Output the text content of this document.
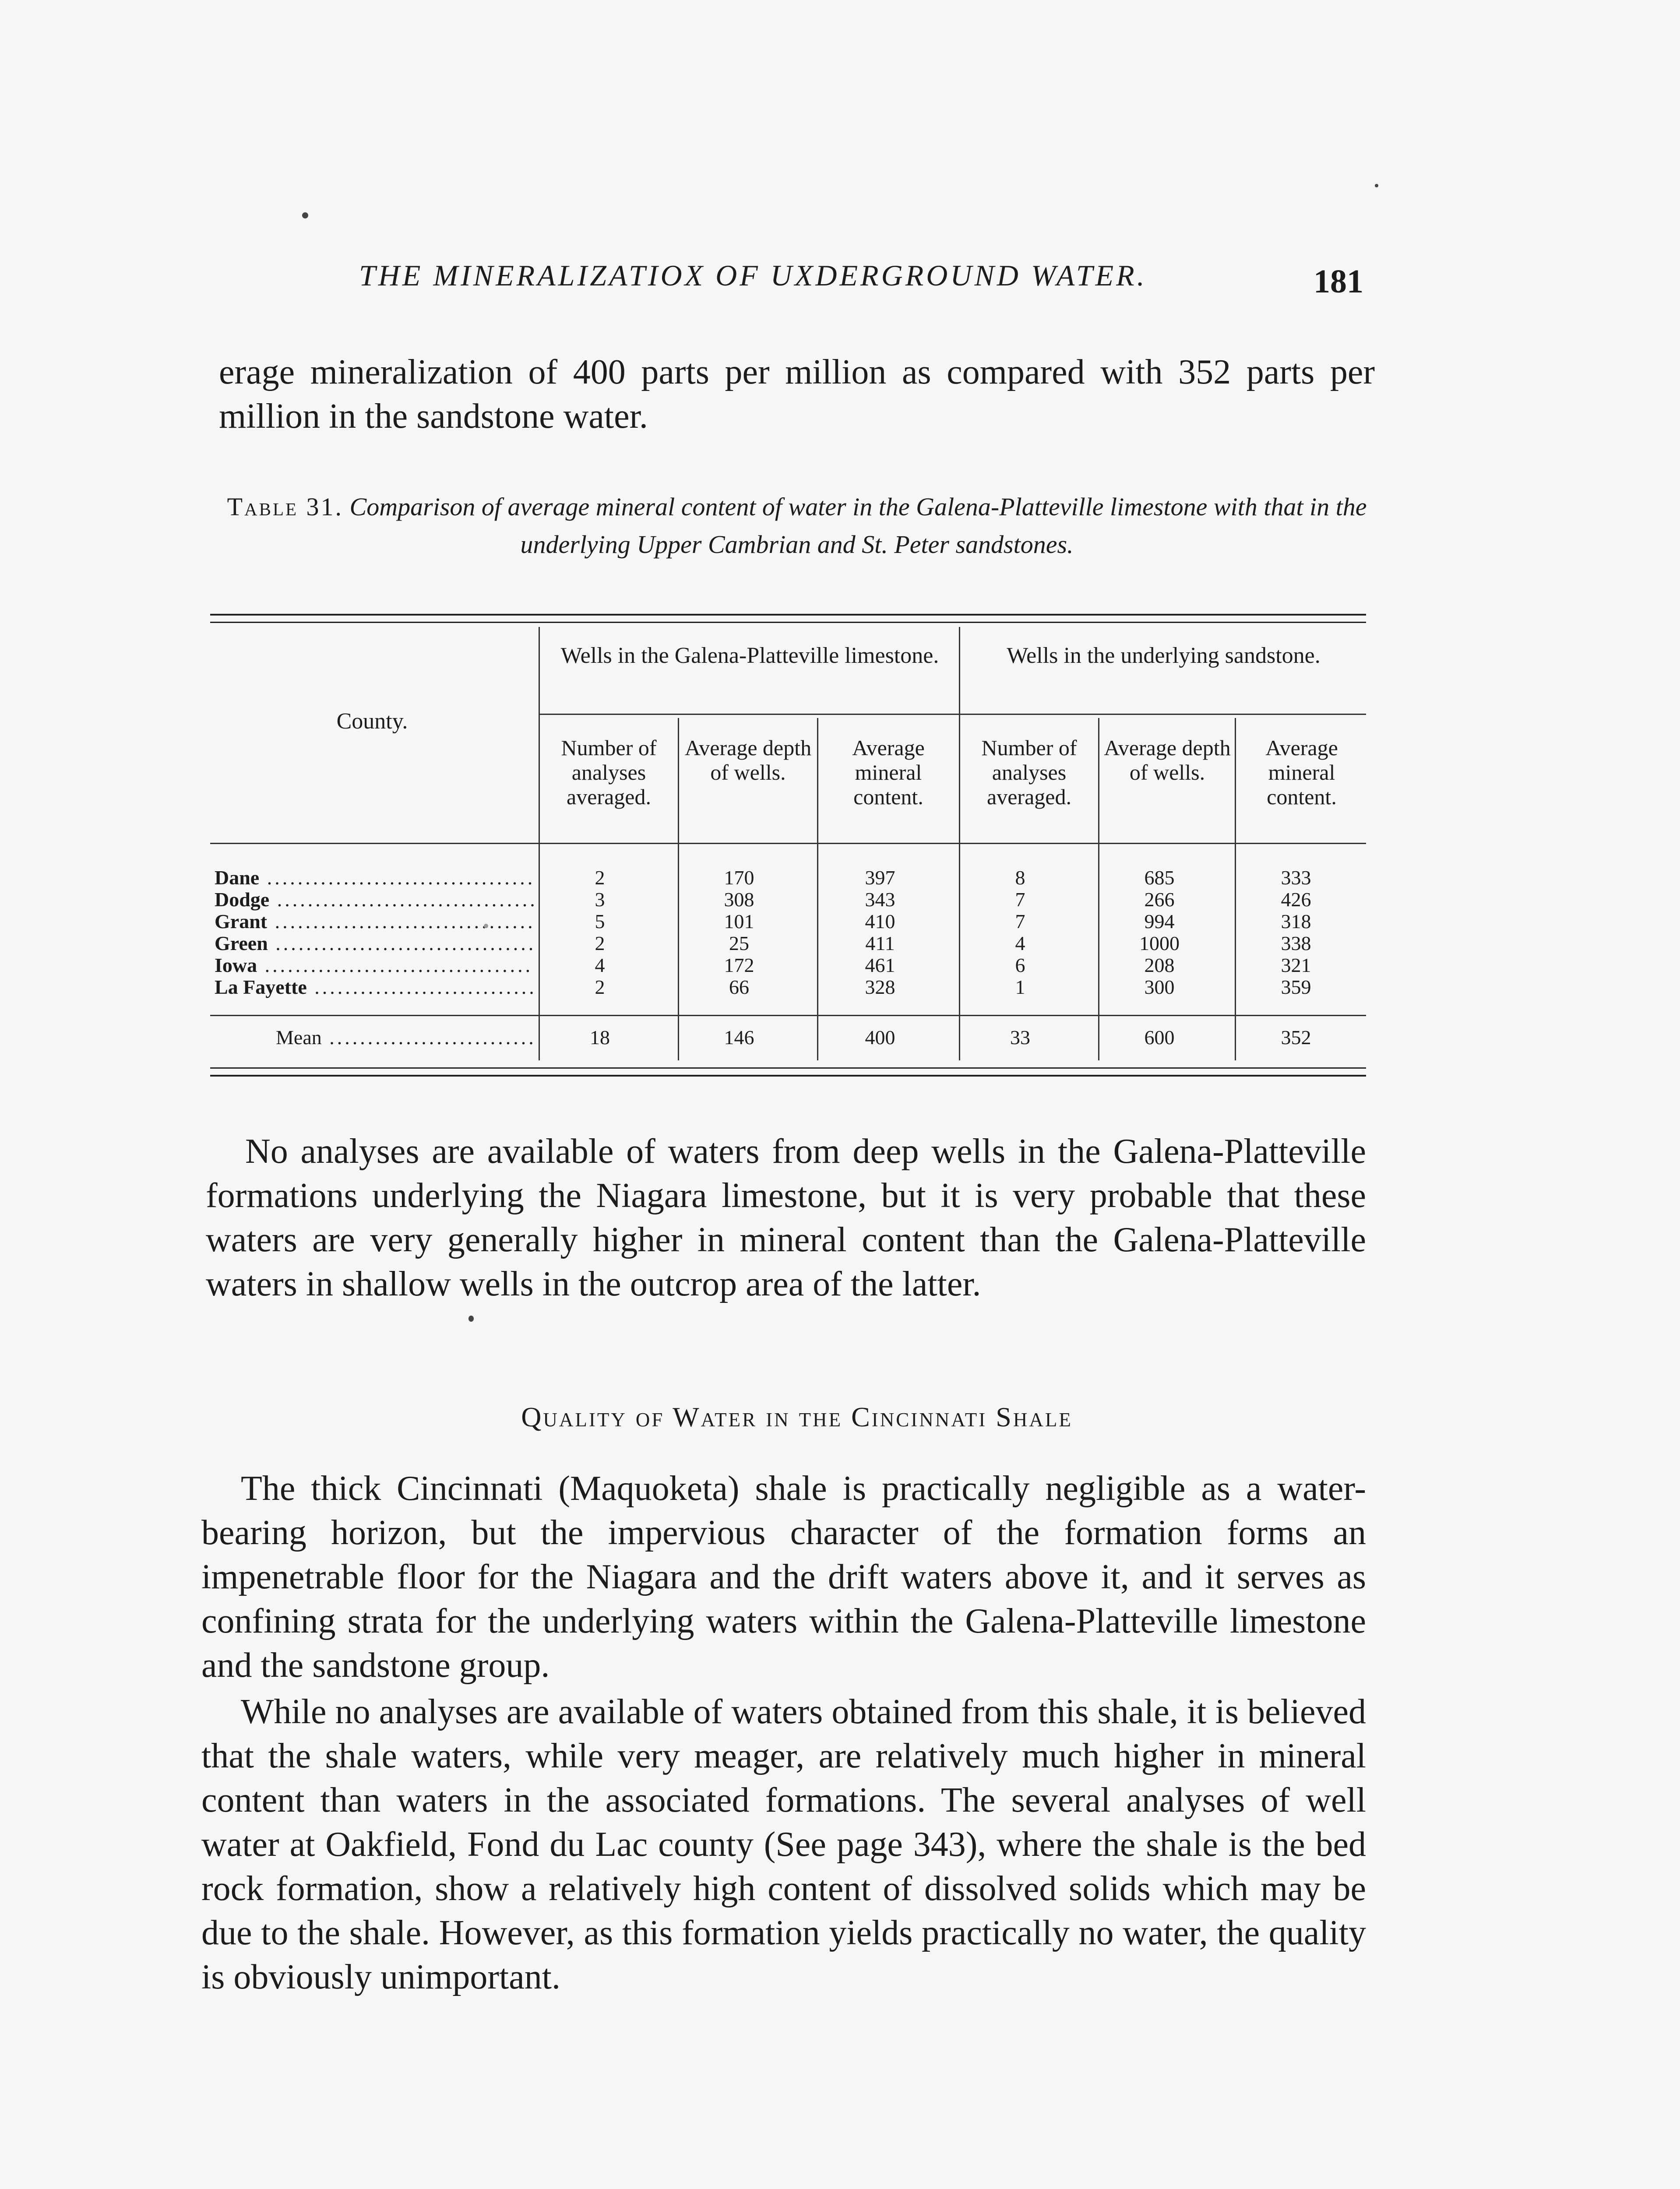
THE MINERALIZATIOX OF UXDERGROUND WATER.	181
erage mineralization of 400 parts per million as compared with 352 parts per million in the sandstone water.
Table 31. Comparison of average mineral content of water in the Galena-Platteville limestone with that in the underlying Upper Cambrian and St. Peter sandstones.
County.
Wells in the Galena-Platteville limestone.	Wells in the underlying sandstone.
Number of analyses averaged.
Average depth of wells.
Average mineral content.
Number of analyses averaged.
Average depth of wells.
Average mineral content.
Dane .....	2	170	397	8	685	333
Dodge .....	3	308	343	7	266	426
Grant .....	5	101	410	7	994	318
Green .....	2	25	411	4	1000	338
Iowa .....	4	172	461	6	208	321
La Fayette .....	2	66	328	1	300	359
Mean .....	18	146	400	33	600	352
No analyses are available of waters from deep wells in the Galena-Platteville formations underlying the Niagara limestone, but it is very probable that these waters are very generally higher in mineral content than the Galena-Platteville waters in shallow wells in the outcrop area of the latter.
Quality of Water in the Cincinnati Shale
The thick Cincinnati (Maquoketa) shale is practically negligible as a water-bearing horizon, but the impervious character of the formation forms an impenetrable floor for the Niagara and the drift waters above it, and it serves as confining strata for the underlying waters within the Galena-Platteville limestone and the sandstone group.
While no analyses are available of waters obtained from this shale, it is believed that the shale waters, while very meager, are relatively much higher in mineral content than waters in the associated formations. The several analyses of well water at Oakfield, Fond du Lac county (See page 343), where the shale is the bed rock formation, show a relatively high content of dissolved solids which may be due to the shale. However, as this formation yields practically no water, the quality is obviously unimportant.
